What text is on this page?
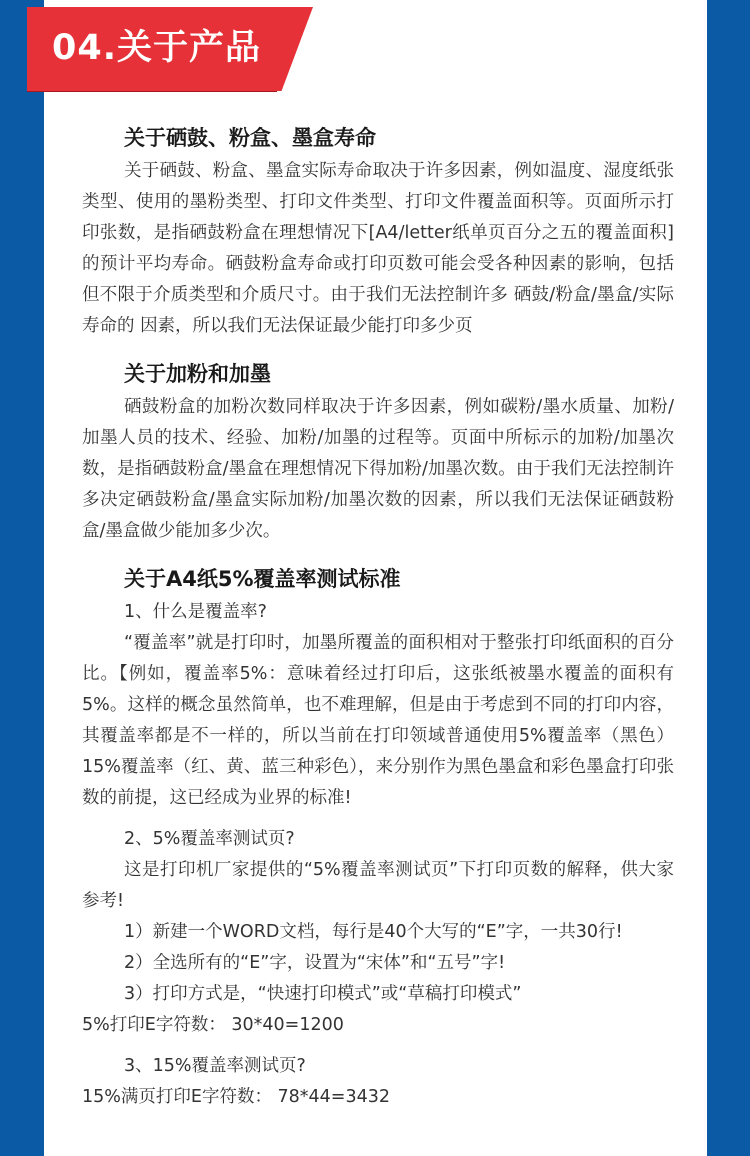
04.关于产品
关于硒鼓、粉盒、墨盒寿命

关于硒鼓、粉盒、墨盒实际寿命取决于许多因素，例如温度、湿度纸张类型、使用的墨粉类型、打印文件类型、打印文件覆盖面积等。页面所示打印张数，是指硒鼓粉盒在理想情况下[A4/letter纸单页百分之五的覆盖面积]的预计平均寿命。硒鼓粉盒寿命或打印页数可能会受各种因素的影响，包括但不限于介质类型和介质尺寸。由于我们无法控制许多 硒鼓/粉盒/墨盒/实际寿命的 因素，所以我们无法保证最少能打印多少页

关于加粉和加墨

硒鼓粉盒的加粉次数同样取决于许多因素，例如碳粉/墨水质量、加粉/加墨人员的技术、经验、加粉/加墨的过程等。页面中所标示的加粉/加墨次数，是指硒鼓粉盒/墨盒在理想情况下得加粉/加墨次数。由于我们无法控制许多决定硒鼓粉盒/墨盒实际加粉/加墨次数的因素，所以我们无法保证硒鼓粉盒/墨盒做少能加多少次。

关于A4纸5%覆盖率测试标准
1、什么是覆盖率?

“覆盖率”就是打印时，加墨所覆盖的面积相对于整张打印纸面积的百分比。【例如，覆盖率5%：意味着经过打印后，这张纸被墨水覆盖的面积有5%。这样的概念虽然简单，也不难理解，但是由于考虑到不同的打印内容，其覆盖率都是不一样的，所以当前在打印领域普通使用5%覆盖率（黑色）15%覆盖率（红、黄、蓝三种彩色），来分别作为黑色墨盒和彩色墨盒打印张数的前提，这已经成为业界的标准!

2、5%覆盖率测试页?

这是打印机厂家提供的“5%覆盖率测试页”下打印页数的解释，供大家参考!

1）新建一个WORD文档，每行是40个大写的“E”字，一共30行!
2）全选所有的“E”字，设置为“宋体”和“五号”字!
3）打印方式是，“快速打印模式”或“草稿打印模式”
5%打印E字符数： 30*40=1200
3、15%覆盖率测试页?
15%满页打印E字符数： 78*44=3432
